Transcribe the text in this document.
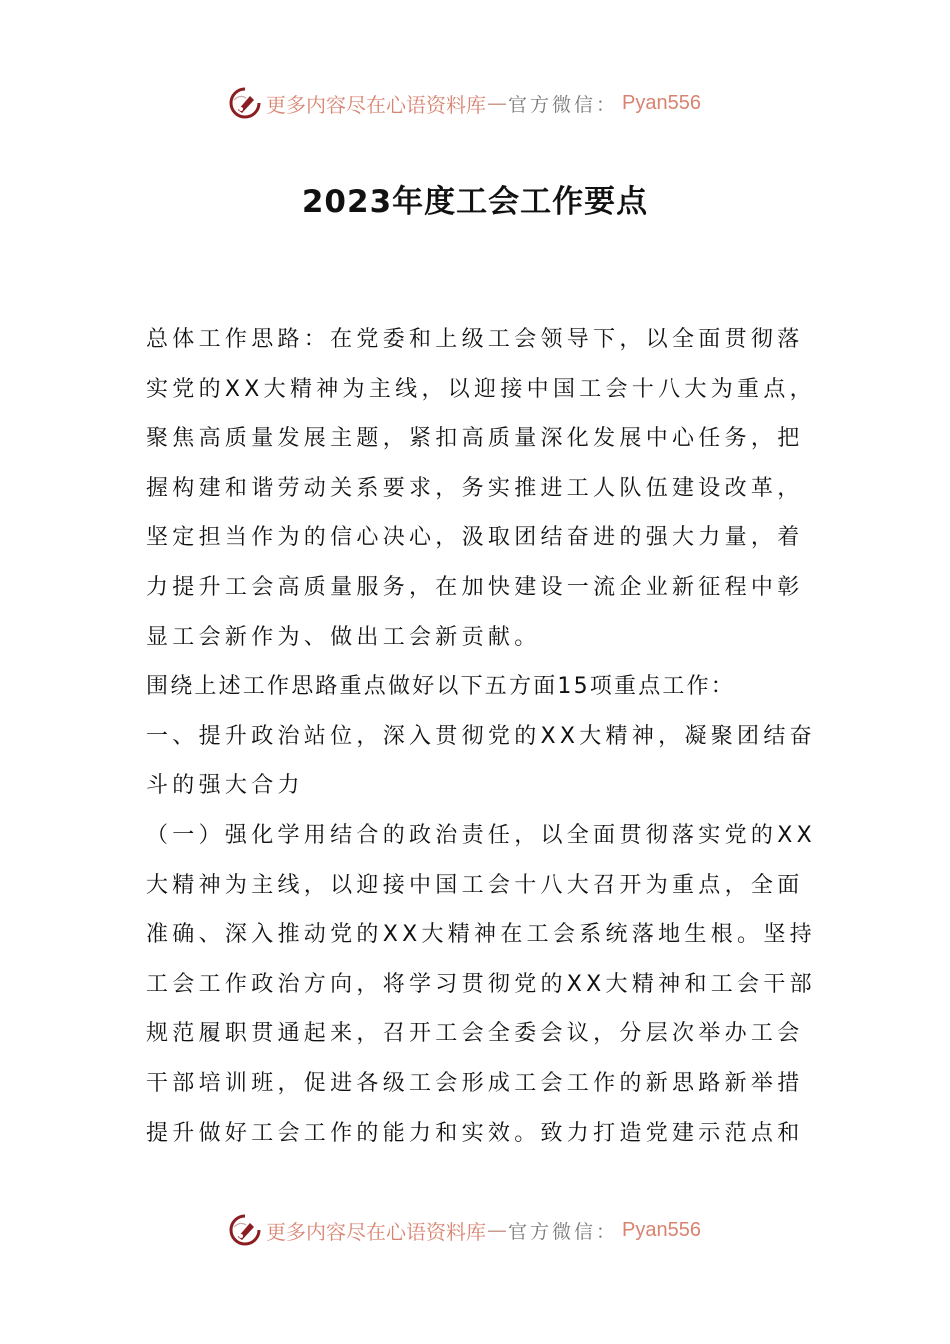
更多内容尽在心语资料库 — 官方微信： Pyan556
2023年度工会工作要点
总体工作思路：在党委和上级工会领导下，以全面贯彻落
实党的XX大精神为主线，以迎接中国工会十八大为重点，
聚焦高质量发展主题，紧扣高质量深化发展中心任务，把
握构建和谐劳动关系要求，务实推进工人队伍建设改革，
坚定担当作为的信心决心，汲取团结奋进的强大力量，着
力提升工会高质量服务，在加快建设一流企业新征程中彰
显工会新作为、做出工会新贡献。
围绕上述工作思路重点做好以下五方面15项重点工作：
一、提升政治站位，深入贯彻党的XX大精神，凝聚团结奋
斗的强大合力
（一）强化学用结合的政治责任，以全面贯彻落实党的XX
大精神为主线，以迎接中国工会十八大召开为重点，全面
准确、深入推动党的XX大精神在工会系统落地生根。坚持
工会工作政治方向，将学习贯彻党的XX大精神和工会干部
规范履职贯通起来，召开工会全委会议，分层次举办工会
干部培训班，促进各级工会形成工会工作的新思路新举措
提升做好工会工作的能力和实效。致力打造党建示范点和
更多内容尽在心语资料库 — 官方微信： Pyan556
